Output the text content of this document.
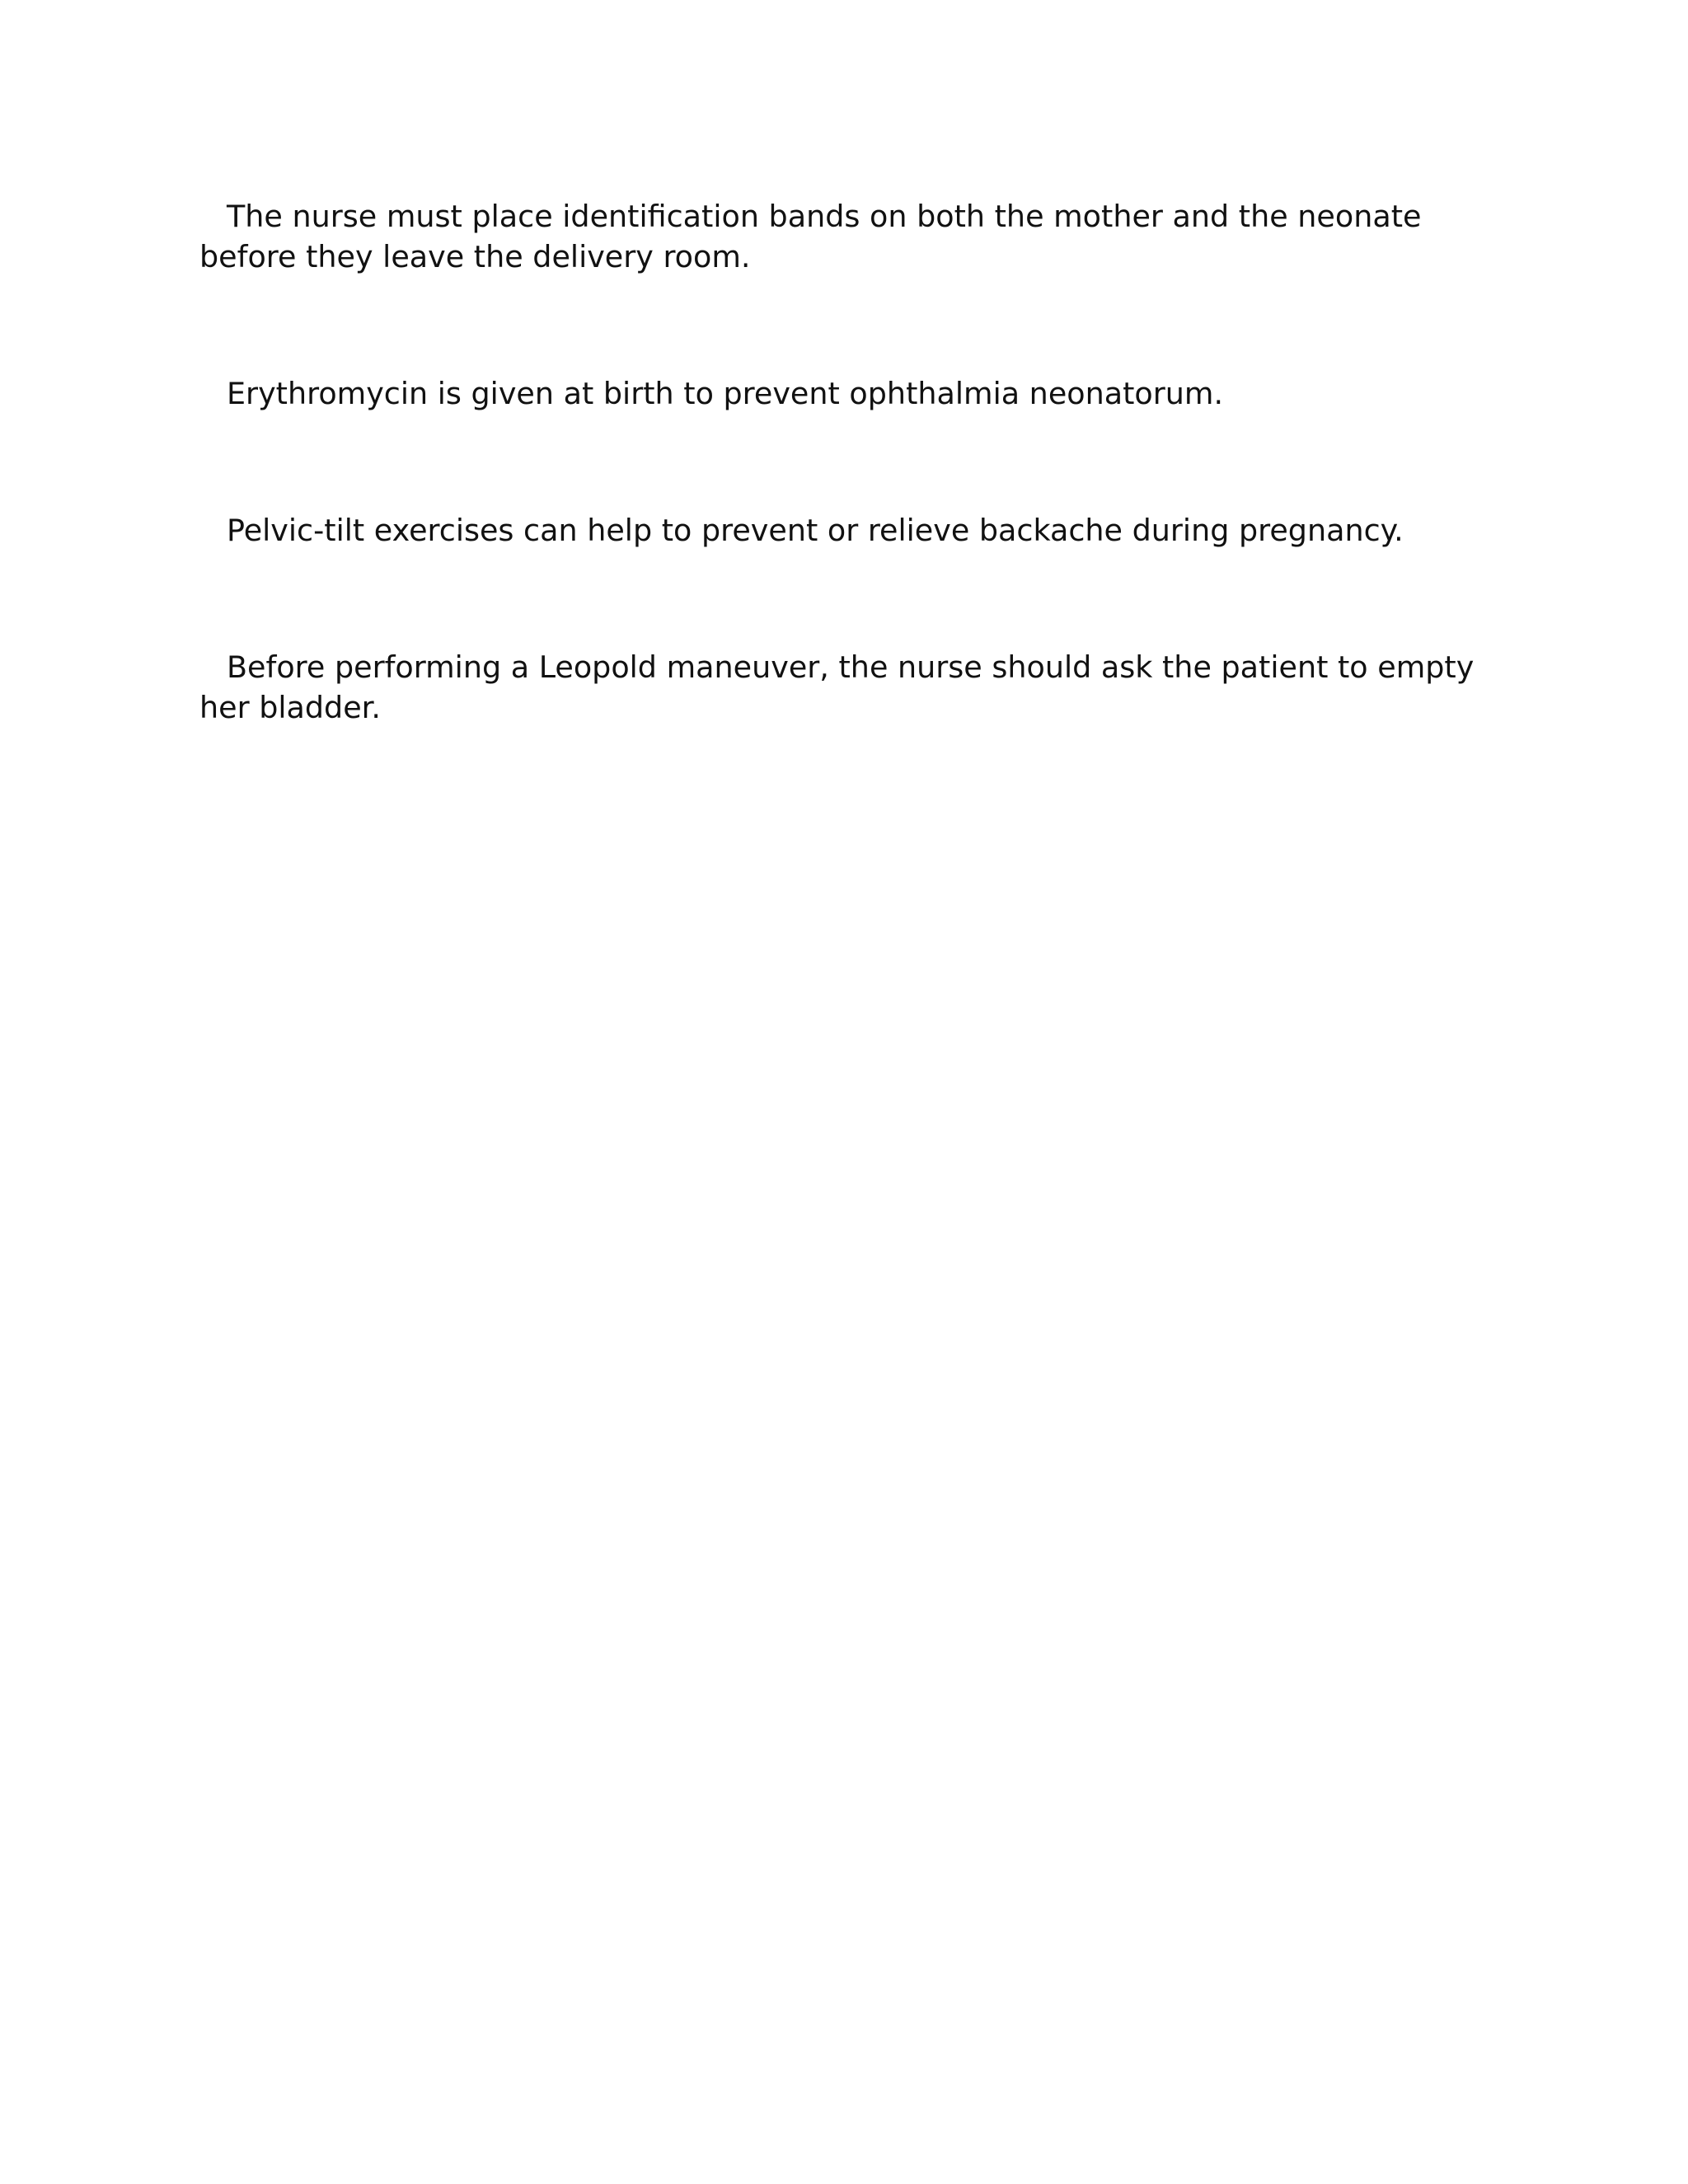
The nurse must place identification bands on both the mother and the neonate before they leave the delivery room.

Erythromycin is given at birth to prevent ophthalmia neonatorum.

Pelvic-tilt exercises can help to prevent or relieve backache during pregnancy.

Before performing a Leopold maneuver, the nurse should ask the patient to empty her bladder.
